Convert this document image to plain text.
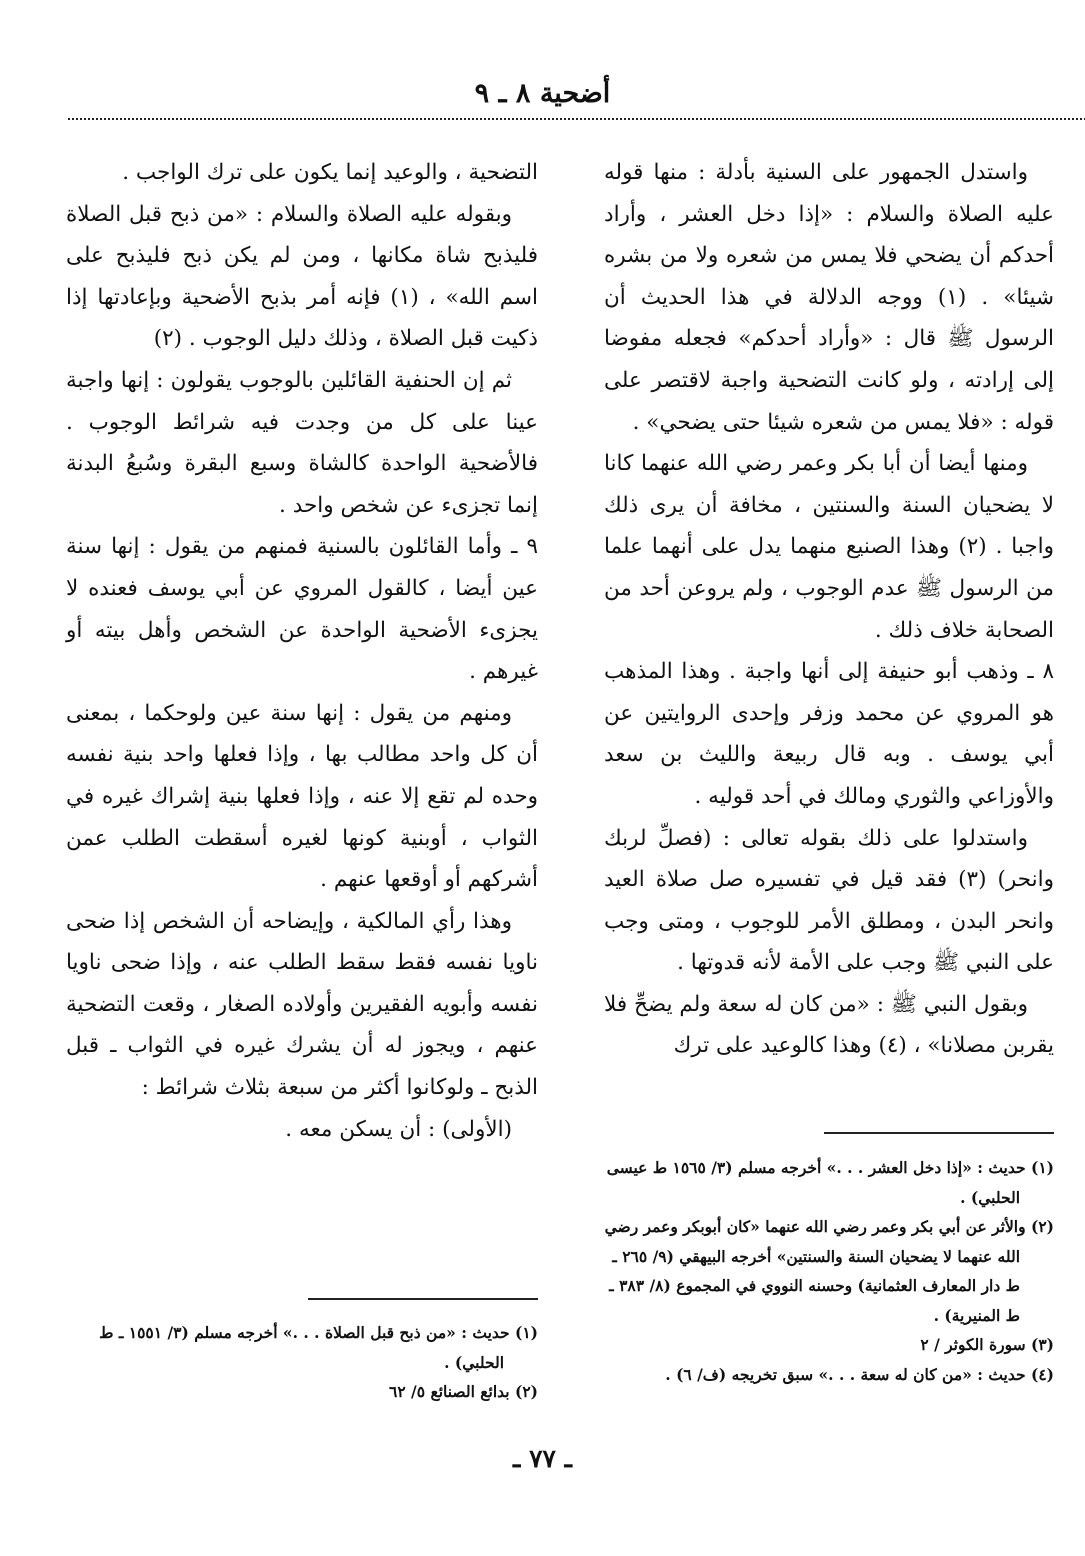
أضحية ٨ ـ ٩

واستدل الجمهور على السنية بأدلة : منها قوله عليه الصلاة والسلام : «إذا دخل العشر ، وأراد أحدكم أن يضحي فلا يمس من شعره ولا من بشره شيئا» . (١) ووجه الدلالة في هذا الحديث أن الرسول ﷺ قال : «وأراد أحدكم» فجعله مفوضا إلى إرادته ، ولو كانت التضحية واجبة لاقتصر على قوله : «فلا يمس من شعره شيئا حتى يضحي» .

ومنها أيضا أن أبا بكر وعمر رضي الله عنهما كانا لا يضحيان السنة والسنتين ، مخافة أن يرى ذلك واجبا . (٢) وهذا الصنيع منهما يدل على أنهما علما من الرسول ﷺ عدم الوجوب ، ولم يروعن أحد من الصحابة خلاف ذلك .

٨ ـ وذهب أبو حنيفة إلى أنها واجبة . وهذا المذهب هو المروي عن محمد وزفر وإحدى الروايتين عن أبي يوسف . وبه قال ربيعة والليث بن سعد والأوزاعي والثوري ومالك في أحد قوليه .

واستدلوا على ذلك بقوله تعالى : (فصلِّ لربك وانحر) (٣) فقد قيل في تفسيره صل صلاة العيد وانحر البدن ، ومطلق الأمر للوجوب ، ومتى وجب على النبي ﷺ وجب على الأمة لأنه قدوتها .

وبقول النبي ﷺ : «من كان له سعة ولم يضحِّ فلا يقربن مصلانا» ، (٤) وهذا كالوعيد على ترك

التضحية ، والوعيد إنما يكون على ترك الواجب .

وبقوله عليه الصلاة والسلام : «من ذبح قبل الصلاة فليذبح شاة مكانها ، ومن لم يكن ذبح فليذبح على اسم الله» ، (١) فإنه أمر بذبح الأضحية وبإعادتها إذا ذكيت قبل الصلاة ، وذلك دليل الوجوب . (٢)

ثم إن الحنفية القائلين بالوجوب يقولون : إنها واجبة عينا على كل من وجدت فيه شرائط الوجوب . فالأضحية الواحدة كالشاة وسبع البقرة وسُبعُ البدنة إنما تجزىء عن شخص واحد .

٩ ـ وأما القائلون بالسنية فمنهم من يقول : إنها سنة عين أيضا ، كالقول المروي عن أبي يوسف فعنده لا يجزىء الأضحية الواحدة عن الشخص وأهل بيته أو غيرهم .

ومنهم من يقول : إنها سنة عين ولوحكما ، بمعنى أن كل واحد مطالب بها ، وإذا فعلها واحد بنية نفسه وحده لم تقع إلا عنه ، وإذا فعلها بنية إشراك غيره في الثواب ، أوبنية كونها لغيره أسقطت الطلب عمن أشركهم أو أوقعها عنهم .

وهذا رأي المالكية ، وإيضاحه أن الشخص إذا ضحى ناويا نفسه فقط سقط الطلب عنه ، وإذا ضحى ناويا نفسه وأبويه الفقيرين وأولاده الصغار ، وقعت التضحية عنهم ، ويجوز له أن يشرك غيره في الثواب ـ قبل الذبح ـ ولوكانوا أكثر من سبعة بثلاث شرائط :

(الأولى) : أن يسكن معه .

(١) حديث : «إذا دخل العشر . . .» أخرجه مسلم (٣/ ١٥٦٥ ط عيسى الحلبي) .

(٢) والأثر عن أبي بكر وعمر رضي الله عنهما «كان أبوبكر وعمر رضي الله عنهما لا يضحيان السنة والسنتين» أخرجه البيهقي (٩/ ٢٦٥ ـ ط دار المعارف العثمانية) وحسنه النووي في المجموع (٨/ ٣٨٣ ـ ط المنيرية) .

(٣) سورة الكوثر / ٢

(٤) حديث : «من كان له سعة . . .» سبق تخريجه (ف/ ٦) .

(١) حديث : «من ذبح قبل الصلاة . . .» أخرجه مسلم (٣/ ١٥٥١ ـ ط الحلبي) .

(٢) بدائع الصنائع ٥/ ٦٢

ـ ٧٧ ـ
